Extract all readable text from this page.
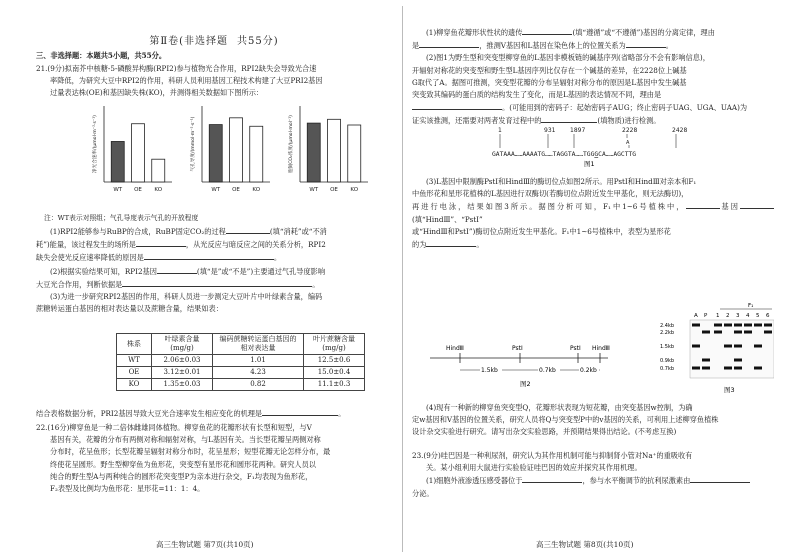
第Ⅱ卷(非选择题 共55分)

三、非选择题：本题共5小题，共55分。

21.(9分)拟南芥中核糖-5-磷酸异构酶(RPI2)参与植物光合作用，RPI2缺失会导致光合速

率降低，为研究大豆中RPI2的作用，科研人员利用基因工程技术构建了大豆PRI2基因

过量表达株(OE)和基因缺失株(KO)，并测得相关数据如下图所示：

净光合速率/(μmol·m⁻²·s⁻¹)
WT OE KO
气孔导度/(mmol·m⁻²·s⁻¹)
WT OE KO
胞间CO₂浓度/(μmol·mol⁻¹)
WT OE KO

注：WT表示对照组；气孔导度表示气孔的开放程度

(1)RPI2能够参与RuBP的合成，RuBP固定CO₂的过程	(填“消耗”或“不消

耗”)能量，该过程发生的场所是	，从光反应与暗反应之间的关系分析，RPI2

缺失会使光反应速率降低的原因是	。

(2)根据实验结果可知，RPI2基因	(填“是”或“不是”)主要通过气孔导度影响

大豆光合作用，判断依据是	。

(3)为进一步研究RPI2基因的作用，科研人员进一步测定大豆叶片中叶绿素含量，编码

蔗糖转运蛋白基因的相对表达量以及蔗糖含量，结果如表：

株系	叶绿素含量(mg/g)	编码蔗糖转运蛋白基因的相对表达量	叶片蔗糖含量(mg/g)
WT	2.06±0.03	1.01	12.5±0.6
OE	3.12±0.01	4.23	15.0±0.4
KO	1.35±0.03	0.82	11.1±0.3

结合表格数据分析，PRI2基因导致大豆光合速率发生相应变化的机理是	。

22.(16分)柳穿鱼是一种二倍体雌雄同体植物。柳穿鱼花的花瓣形状有长型和短型，与V

基因有关，花瓣的分布有两侧对称和辐射对称，与L基因有关。当长型花瓣呈两侧对称

分布时，花呈鱼形；长型花瓣呈辐射对称分布时，花呈星形；短型花瓣无论怎样分布，最

终使花呈圆形。野生型柳穿鱼为鱼形花，突变型有星形花和圆形花两种。研究人员以

纯合的野生型A与两种纯合的圆形花突变型P为亲本进行杂交，F₁均表现为鱼形花，

F₂表型及比例均为鱼形花：星形花=11：1：4。

高三生物试题 第7页(共10页)

(1)柳穿鱼花瓣形状性状的遗传	(填“遵循”或“不遵循”)基因的分离定律，理由

是	，推测V基因和L基因在染色体上的位置关系为	。

(2)图1为野生型和突变型柳穿鱼的L基因非模板链的碱基序列(省略部分不会有影响信息)，

开辐射对称花的突变型和野生型L基因序列比仅存在一个碱基的差异，在2228位上碱基

G取代了A。据图可推测，突变型花瓣的分布呈辐射对称分布的原因是L基因中发生碱基

突变致其编码的蛋白质的结构发生了变化，而是L基因的表达情况不同，理由是

。(可能用到的密码子：起始密码子AUG；终止密码子UAG、UGA、UAA)为

证实该推测，还需要对两者发育过程中的	(填物质)进行检测。

1	931 1897	2228	2428
A
GATAAA……AAAATG……TAGGTA……TGGGCA……AGCTTG
图1

(3)L基因中限制酶PstⅠ和HindⅢ的酶切位点如图2所示。用PstⅠ和HindⅢ对亲本和F₁

中鱼形花和星形花植株的L基因进行双酶切(若酶切位点附近发生甲基化，则无法酶切)，

再进行电泳，结果如图3所示。据图分析可知，F₁中1~6号植株中，	基因(填“HindⅢ”、“PstⅠ”

或“HindⅢ和PstⅠ”)酶切位点附近发生甲基化。F₁中1~6号植株中，表型为星形花

的为	。

HindⅢ	PstⅠ	PstⅠ HindⅢ
1.5kb	0.7kb	0.2kb
图2
F₁
A P 1 2 3 4 5 6
2.4kb
2.2kb
1.5kb
0.9kb
0.7kb
图3

(4)现有一种新的柳穿鱼突变型Q，花瓣形状表现为短花瓣，由突变基因w控制，为确

定w基因和V基因的位置关系，研究人员将Q与突变型P中的v基因的关系，可利用上述柳穿鱼植株

设计杂交实验进行研究。请写出杂交实验思路，并预期结果得出结论。(不考虑互换)

23.(9分)哇巴因是一种利尿剂，研究认为其作用机制可能与抑制肾小管对Na⁺的重吸收有

关。某小组利用大鼠进行实验验证哇巴因的效应并探究其作用机理。

(1)细胞外液渗透压感受器位于	，参与水平衡调节的抗利尿激素由

分泌。

高三生物试题 第8页(共10页)
